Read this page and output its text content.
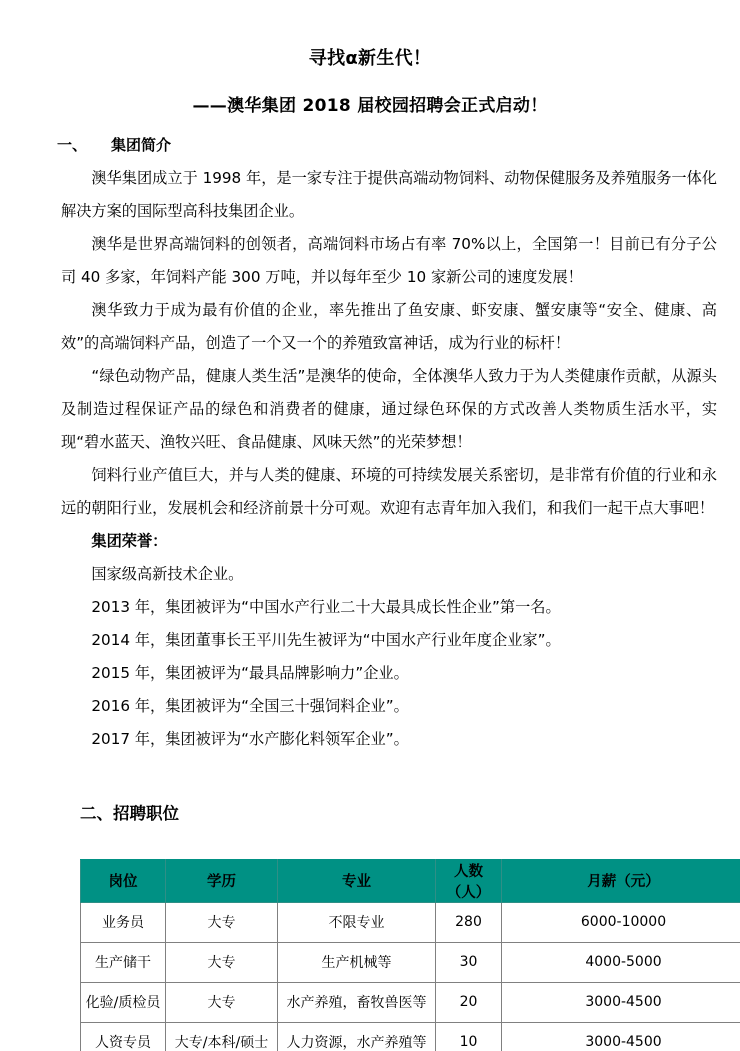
寻找α新生代！
——澳华集团 2018 届校园招聘会正式启动！
一、 集团简介

澳华集团成立于 1998 年，是一家专注于提供高端动物饲料、动物保健服务及养殖服务一体化解决方案的国际型高科技集团企业。

澳华是世界高端饲料的创领者，高端饲料市场占有率 70%以上，全国第一！目前已有分子公司 40 多家，年饲料产能 300 万吨，并以每年至少 10 家新公司的速度发展！

澳华致力于成为最有价值的企业，率先推出了鱼安康、虾安康、蟹安康等“安全、健康、高效”的高端饲料产品，创造了一个又一个的养殖致富神话，成为行业的标杆！

“绿色动物产品，健康人类生活”是澳华的使命，全体澳华人致力于为人类健康作贡献，从源头及制造过程保证产品的绿色和消费者的健康，通过绿色环保的方式改善人类物质生活水平，实现“碧水蓝天、渔牧兴旺、食品健康、风味天然”的光荣梦想！

饲料行业产值巨大，并与人类的健康、环境的可持续发展关系密切，是非常有价值的行业和永远的朝阳行业，发展机会和经济前景十分可观。欢迎有志青年加入我们，和我们一起干点大事吧！

集团荣誉：

国家级高新技术企业。

2013 年，集团被评为“中国水产行业二十大最具成长性企业”第一名。

2014 年，集团董事长王平川先生被评为“中国水产行业年度企业家”。

2015 年，集团被评为“最具品牌影响力”企业。

2016 年，集团被评为“全国三十强饲料企业”。

2017 年，集团被评为“水产膨化料领军企业”。

二、招聘职位
岗位	学历	专业	人数（人）	月薪（元）
业务员	大专	不限专业	280	6000-10000
生产储干	大专	生产机械等	30	4000-5000
化验/质检员	大专	水产养殖，畜牧兽医等	20	3000-4500
人资专员	大专/本科/硕士	人力资源，水产养殖等	10	3000-4500
